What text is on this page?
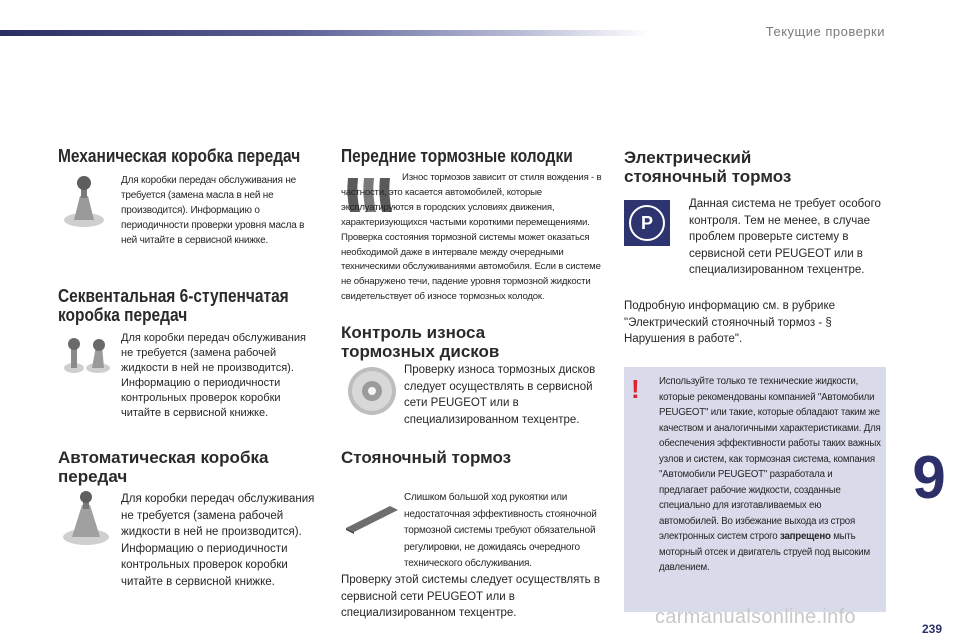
Текущие проверки
Механическая коробка передач
Для коробки передач обслуживания не требуется (замена масла в ней не производится). Информацию о периодичности проверки уровня масла в ней читайте в сервисной книжке.
Секвентальная 6-ступенчатая
коробка передач
Для коробки передач обслуживания не требуется (замена рабочей жидкости в ней не производится). Информацию о периодичности контрольных проверок коробки читайте в сервисной книжке.
Автоматическая коробка
передач
Для коробки передач обслуживания не требуется (замена рабочей жидкости в ней не производится). Информацию о периодичности контрольных проверок коробки читайте в сервисной книжке.
Передние тормозные колодки
Износ тормозов зависит от стиля вождения - в частности, это касается автомобилей, которые эксплуатируются в городских условиях движения, характеризующихся частыми короткими перемещениями. Проверка состояния тормозной системы может оказаться необходимой даже в интервале между очередными техническими обслуживаниями автомобиля. Если в системе не обнаружено течи, падение уровня тормозной жидкости свидетельствует об износе тормозных колодок.
Контроль износа
тормозных дисков
Проверку износа тормозных дисков следует осуществлять в сервисной сети PEUGEOT или в специализированном техцентре.
Стояночный тормоз
Слишком большой ход рукоятки или недостаточная эффективность стояночной тормозной системы требуют обязательной регулировки, не дожидаясь очередного технического обслуживания.
Проверку этой системы следует осуществлять в сервисной сети PEUGEOT или в специализированном техцентре.
Электрический
стояночный тормоз
P
Данная система не требует особого контроля. Тем не менее, в случае проблем проверьте систему в сервисной сети PEUGEOT или в специализированном техцентре.
Подробную информацию см. в рубрике "Электрический стояночный тормоз - § Нарушения в работе".
! Используйте только те технические жидкости, которые рекомендованы компанией "Автомобили PEUGEOT" или такие, которые обладают таким же качеством и аналогичными характеристиками. Для обеспечения эффективности работы таких важных узлов и систем, как тормозная система, компания "Автомобили PEUGEOT" разработала и предлагает рабочие жидкости, созданные специально для изготавливаемых ею автомобилей. Во избежание выхода из строя электронных систем строго запрещено мыть моторный отсек и двигатель струей под высоким давлением.
9
carmanualsonline.info
239
